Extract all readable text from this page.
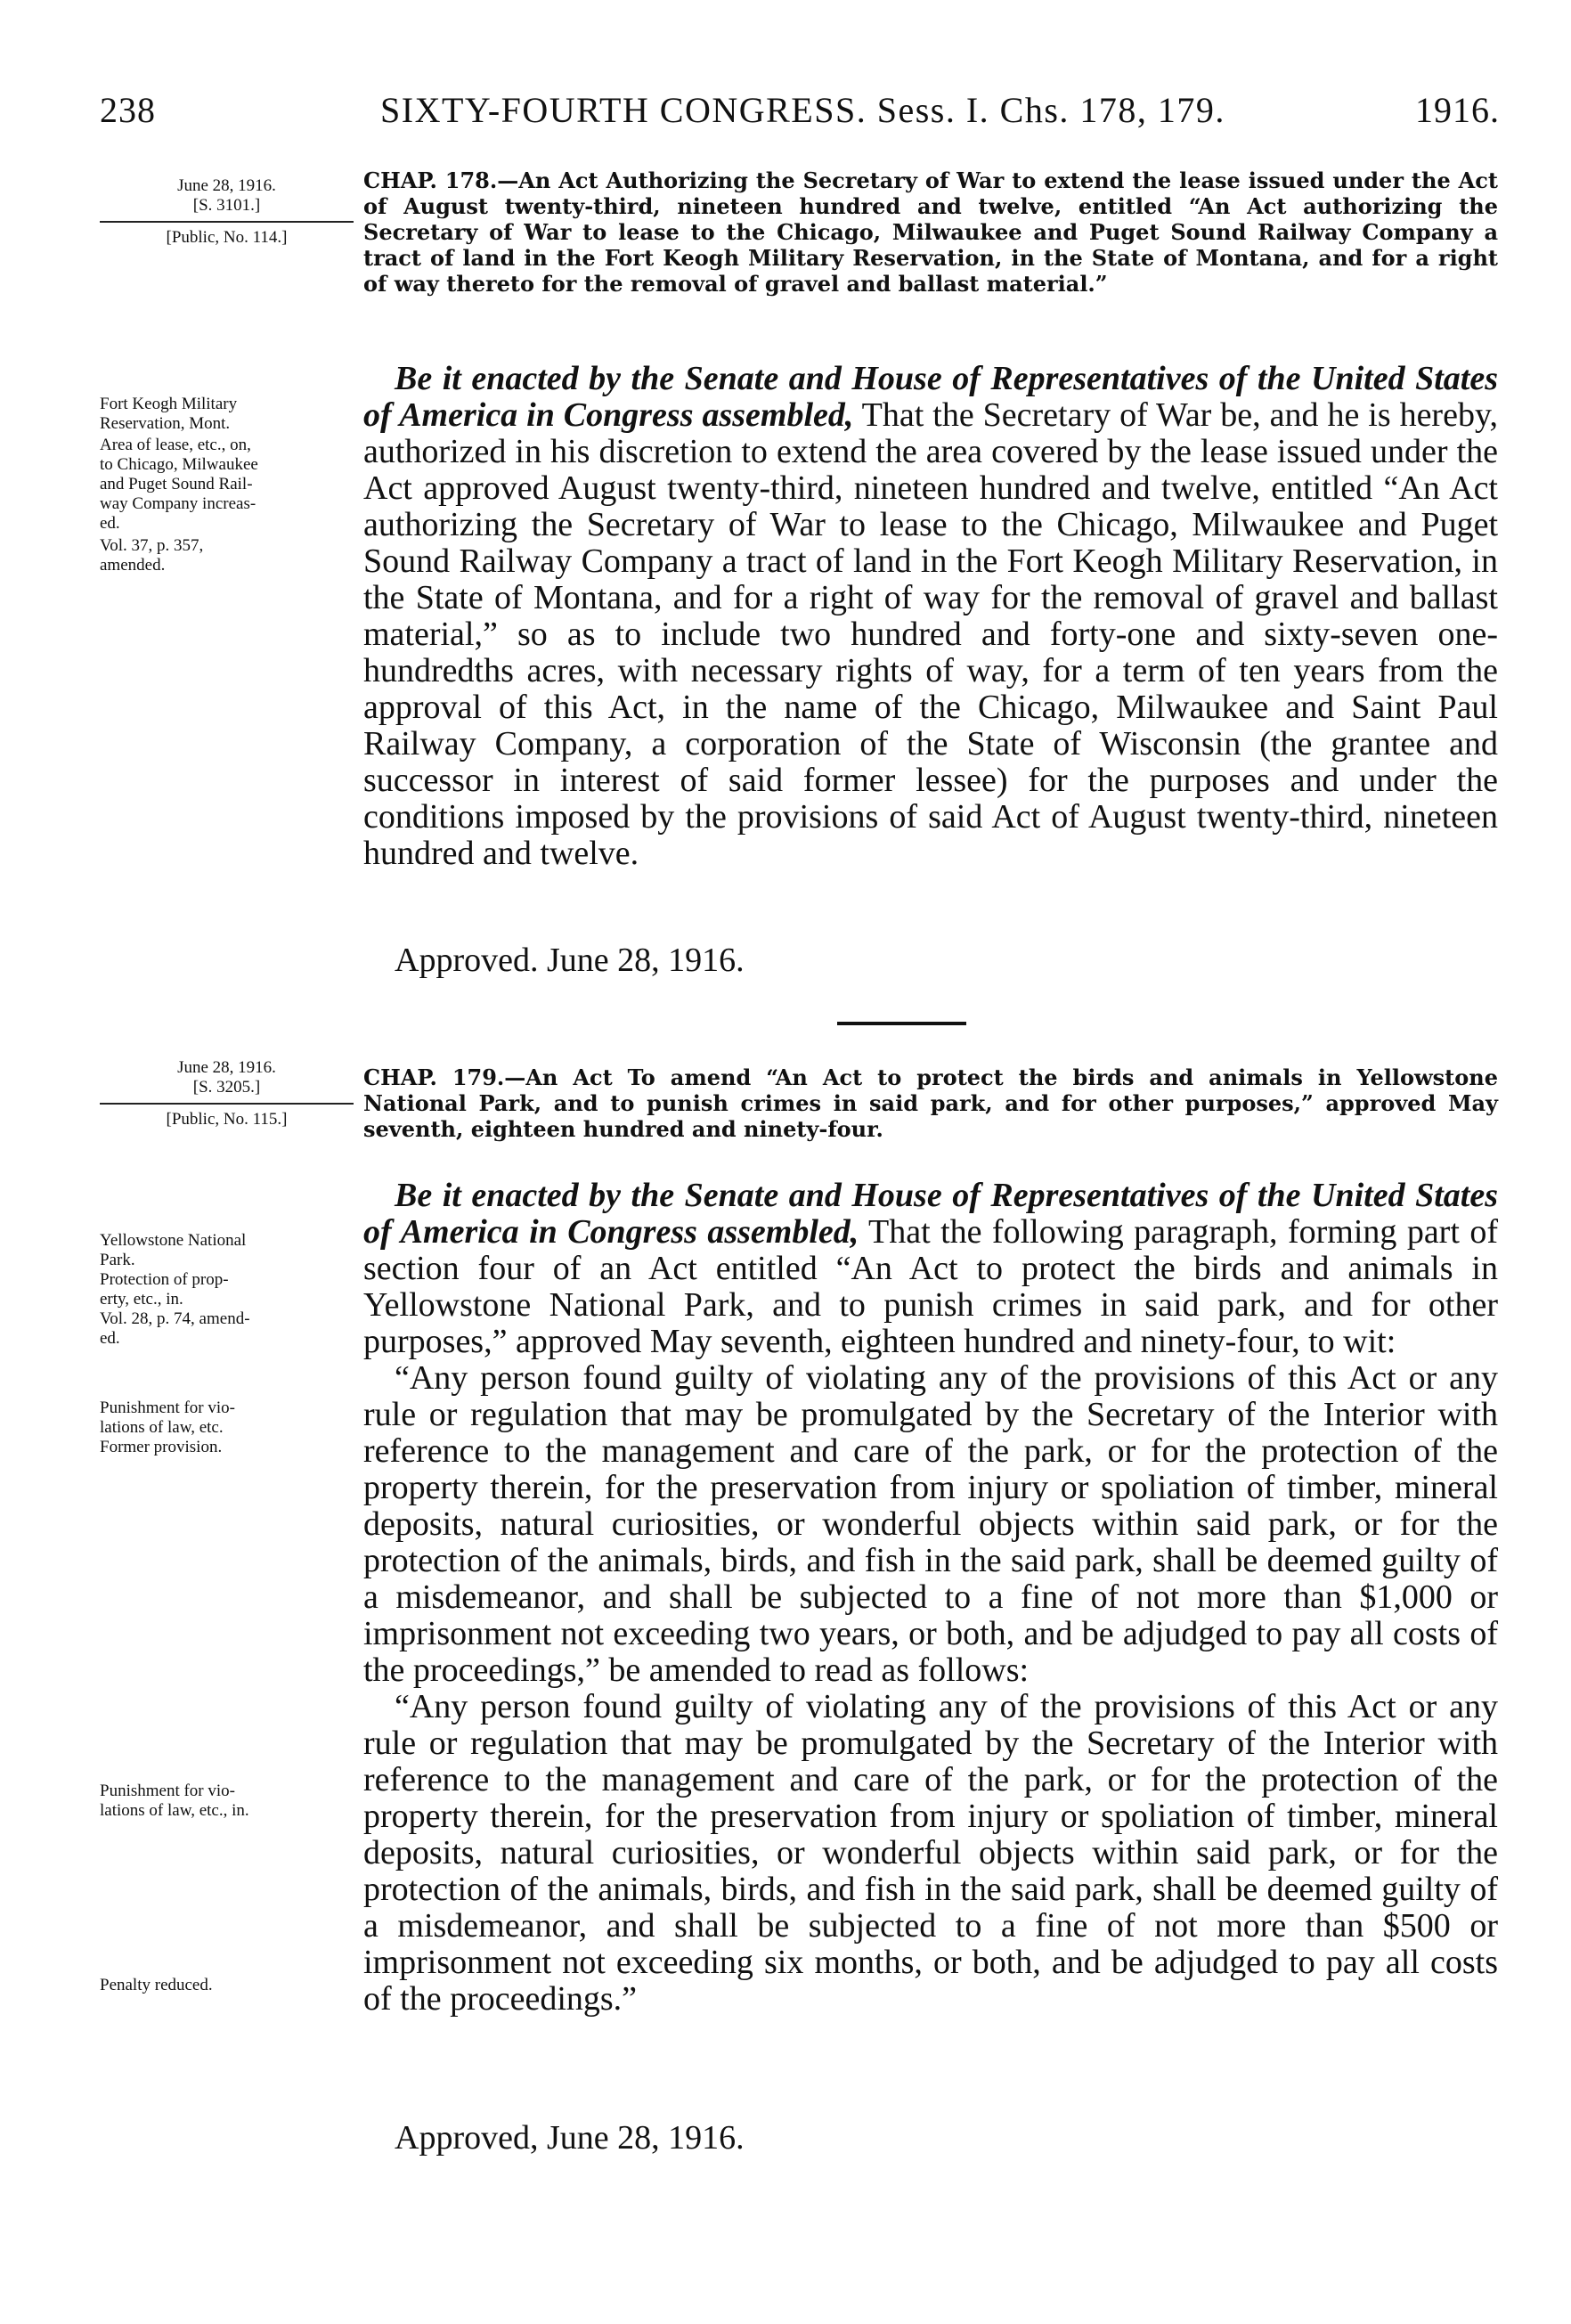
238	SIXTY-FOURTH CONGRESS. Sess. I. Chs. 178, 179.	1916.
June 28, 1916.
[S. 3101.]
[Public, No. 114.]
CHAP. 178.—An Act Authorizing the Secretary of War to extend the lease issued under the Act of August twenty-third, nineteen hundred and twelve, entitled “An Act authorizing the Secretary of War to lease to the Chicago, Milwaukee and Puget Sound Railway Company a tract of land in the Fort Keogh Military Reservation, in the State of Montana, and for a right of way thereto for the removal of gravel and ballast material.”
Fort Keogh Military
Reservation, Mont.
Area of lease, etc., on,
to Chicago, Milwaukee
and Puget Sound Rail-
way Company increas-
ed.
Vol. 37, p. 357,
amended.

Be it enacted by the Senate and House of Representatives of the United States of America in Congress assembled, That the Secretary of War be, and he is hereby, authorized in his discretion to extend the area covered by the lease issued under the Act approved August twenty-third, nineteen hundred and twelve, entitled “An Act authorizing the Secretary of War to lease to the Chicago, Milwaukee and Puget Sound Railway Company a tract of land in the Fort Keogh Military Reservation, in the State of Montana, and for a right of way for the removal of gravel and ballast material,” so as to include two hundred and forty-one and sixty-seven one-hundredths acres, with necessary rights of way, for a term of ten years from the approval of this Act, in the name of the Chicago, Milwaukee and Saint Paul Railway Company, a corporation of the State of Wisconsin (the grantee and successor in interest of said former lessee) for the purposes and under the conditions imposed by the provisions of said Act of August twenty-third, nineteen hundred and twelve.

Approved. June 28, 1916.
June 28, 1916.
[S. 3205.]
[Public, No. 115.]
CHAP. 179.—An Act To amend “An Act to protect the birds and animals in Yellowstone National Park, and to punish crimes in said park, and for other purposes,” approved May seventh, eighteen hundred and ninety-four.
Yellowstone National
Park.
Protection of prop-
erty, etc., in.
Vol. 28, p. 74, amend-
ed.
Punishment for vio-
lations of law, etc.
Former provision.
Punishment for vio-
lations of law, etc., in.
Penalty reduced.

Be it enacted by the Senate and House of Representatives of the United States of America in Congress assembled, That the following paragraph, forming part of section four of an Act entitled “An Act to protect the birds and animals in Yellowstone National Park, and to punish crimes in said park, and for other purposes,” approved May seventh, eighteen hundred and ninety-four, to wit:

“Any person found guilty of violating any of the provisions of this Act or any rule or regulation that may be promulgated by the Secretary of the Interior with reference to the management and care of the park, or for the protection of the property therein, for the preservation from injury or spoliation of timber, mineral deposits, natural curiosities, or wonderful objects within said park, or for the protection of the animals, birds, and fish in the said park, shall be deemed guilty of a misdemeanor, and shall be subjected to a fine of not more than $1,000 or imprisonment not exceeding two years, or both, and be adjudged to pay all costs of the proceedings,” be amended to read as follows:

“Any person found guilty of violating any of the provisions of this Act or any rule or regulation that may be promulgated by the Secretary of the Interior with reference to the management and care of the park, or for the protection of the property therein, for the preservation from injury or spoliation of timber, mineral deposits, natural curiosities, or wonderful objects within said park, or for the protection of the animals, birds, and fish in the said park, shall be deemed guilty of a misdemeanor, and shall be subjected to a fine of not more than $500 or imprisonment not exceeding six months, or both, and be adjudged to pay all costs of the proceedings.”

Approved, June 28, 1916.
